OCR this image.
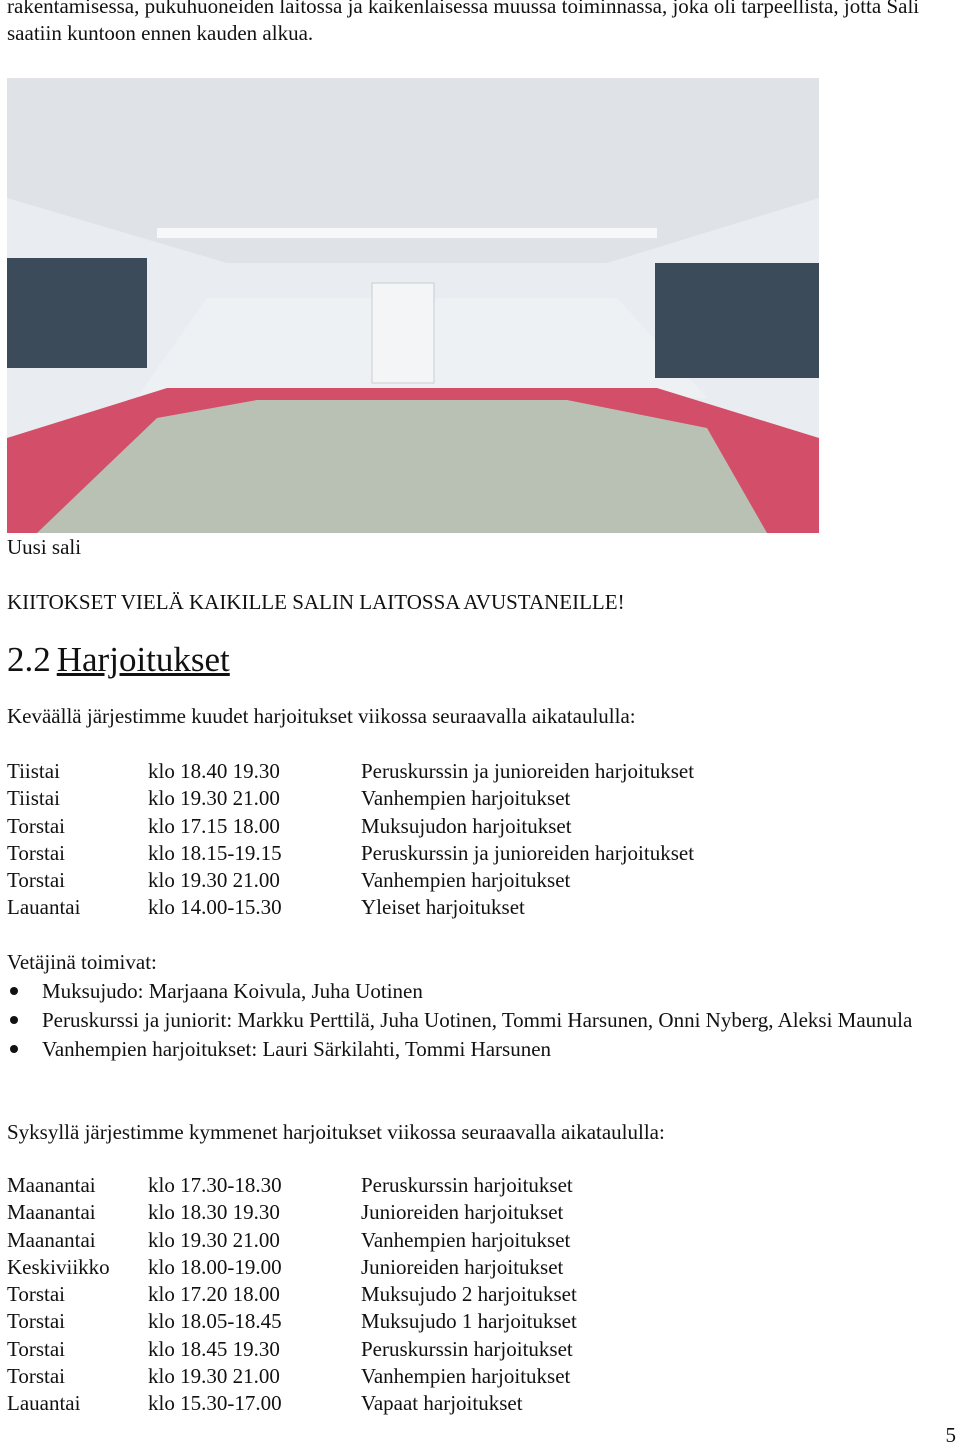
rakentamisessa, pukuhuoneiden laitossa ja kaikenlaisessa muussa toiminnassa, joka oli tarpeellista, jotta Sali saatiin kuntoon ennen kauden alkua.
Uusi sali
KIITOKSET VIELÄ KAIKILLE SALIN LAITOSSA AVUSTANEILLE!
2.2 Harjoitukset
Keväällä järjestimme kuudet harjoitukset viikossa seuraavalla aikataululla:
Tiistai	klo 18.40 19.30	Peruskurssin ja junioreiden harjoitukset
Tiistai	klo 19.30 21.00	Vanhempien harjoitukset
Torstai	klo 17.15 18.00	Muksujudon harjoitukset
Torstai	klo 18.15-19.15	Peruskurssin ja junioreiden harjoitukset
Torstai	klo 19.30 21.00	Vanhempien harjoitukset
Lauantai	klo 14.00-15.30	Yleiset harjoitukset
Vetäjinä toimivat:
Muksujudo: Marjaana Koivula, Juha Uotinen
Peruskurssi ja juniorit: Markku Perttilä, Juha Uotinen, Tommi Harsunen, Onni Nyberg, Aleksi Maunula
Vanhempien harjoitukset: Lauri Särkilahti, Tommi Harsunen
Syksyllä järjestimme kymmenet harjoitukset viikossa seuraavalla aikataululla:
Maanantai klo 17.30-18.30	Peruskurssin harjoitukset
Maanantai klo 18.30 19.30	Junioreiden harjoitukset
Maanantai klo 19.30 21.00	Vanhempien harjoitukset
Keskiviikko klo 18.00-19.00	Junioreiden harjoitukset
Torstai	klo 17.20 18.00	Muksujudo 2 harjoitukset
Torstai	klo 18.05-18.45	Muksujudo 1 harjoitukset
Torstai	klo 18.45 19.30	Peruskurssin harjoitukset
Torstai	klo 19.30 21.00	Vanhempien harjoitukset
Lauantai	klo 15.30-17.00	Vapaat harjoitukset
5
